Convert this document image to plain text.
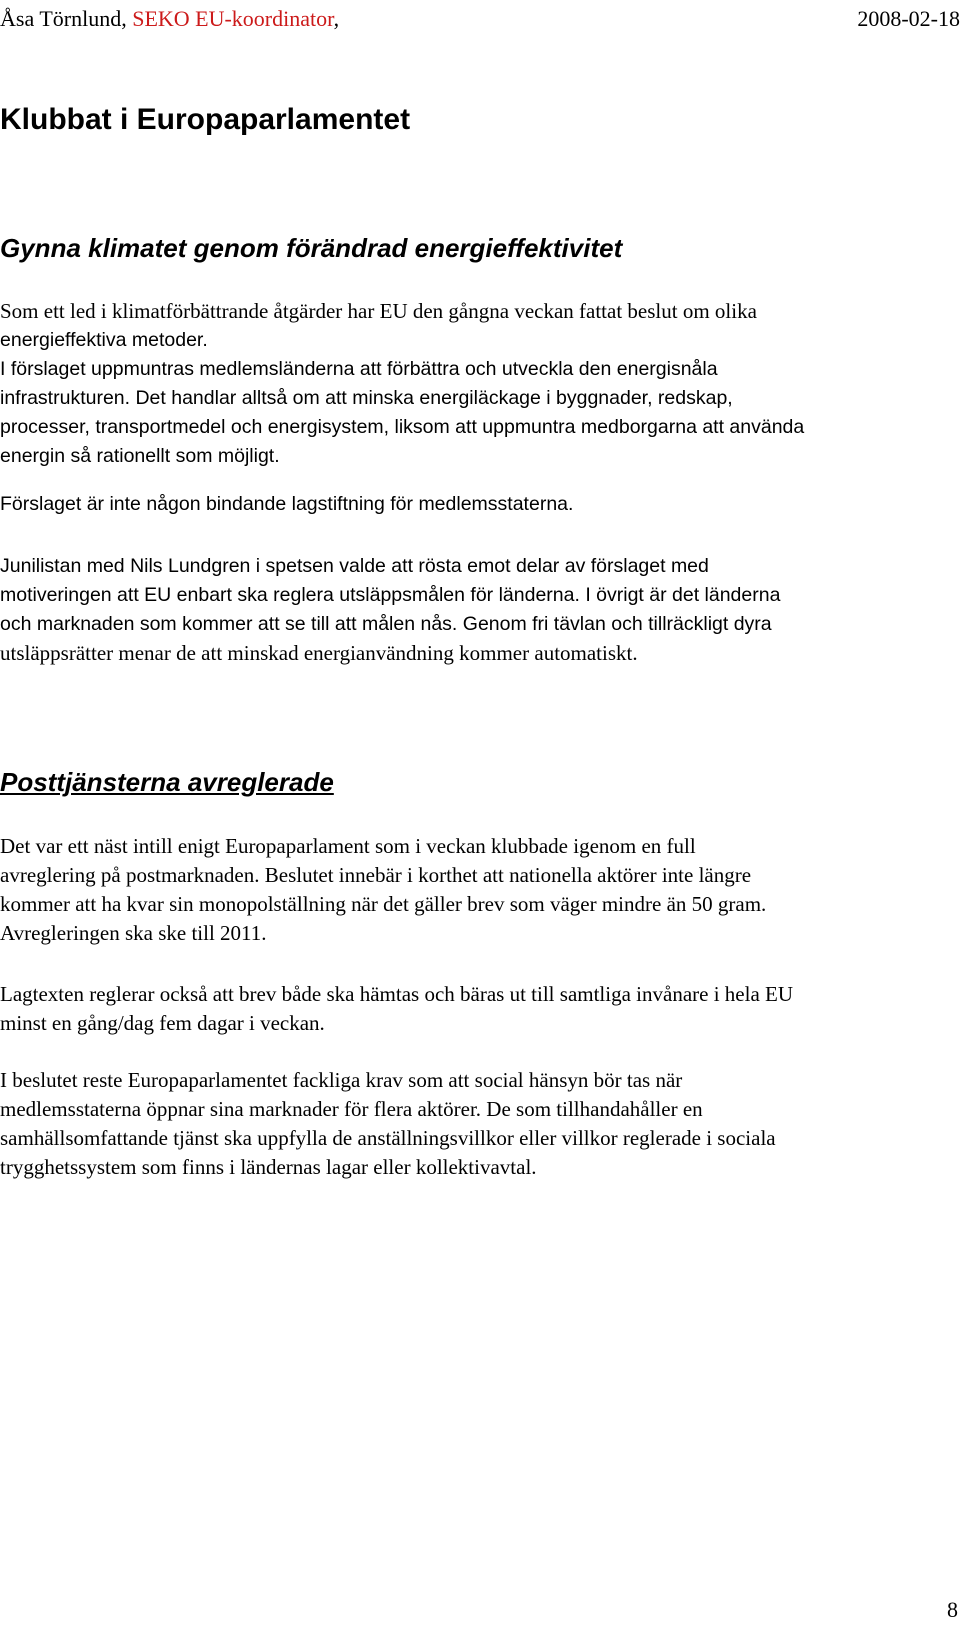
Åsa Törnlund, SEKO EU-koordinator,	2008-02-18
Klubbat i Europaparlamentet
Gynna klimatet genom förändrad energieffektivitet
Som ett led i klimatförbättrande åtgärder har EU den gångna veckan fattat beslut om olika
energieffektiva metoder.
I förslaget uppmuntras medlemsländerna att förbättra och utveckla den energisnåla
infrastrukturen. Det handlar alltså om att minska energiläckage i byggnader, redskap,
processer, transportmedel och energisystem, liksom att uppmuntra medborgarna att använda
energin så rationellt som möjligt.
Förslaget är inte någon bindande lagstiftning för medlemsstaterna.
Junilistan med Nils Lundgren i spetsen valde att rösta emot delar av förslaget med
motiveringen att EU enbart ska reglera utsläppsmålen för länderna. I övrigt är det länderna
och marknaden som kommer att se till att målen nås. Genom fri tävlan och tillräckligt dyra
utsläppsrätter menar de att minskad energianvändning kommer automatiskt.
Posttjänsterna avreglerade
Det var ett näst intill enigt Europaparlament som i veckan klubbade igenom en full
avreglering på postmarknaden. Beslutet innebär i korthet att nationella aktörer inte längre
kommer att ha kvar sin monopolställning när det gäller brev som väger mindre än 50 gram.
Avregleringen ska ske till 2011.
Lagtexten reglerar också att brev både ska hämtas och bäras ut till samtliga invånare i hela EU
minst en gång/dag fem dagar i veckan.
I beslutet reste Europaparlamentet fackliga krav som att social hänsyn bör tas när
medlemsstaterna öppnar sina marknader för flera aktörer. De som tillhandahåller en
samhällsomfattande tjänst ska uppfylla de anställningsvillkor eller villkor reglerade i sociala
trygghetssystem som finns i ländernas lagar eller kollektivavtal.
8
